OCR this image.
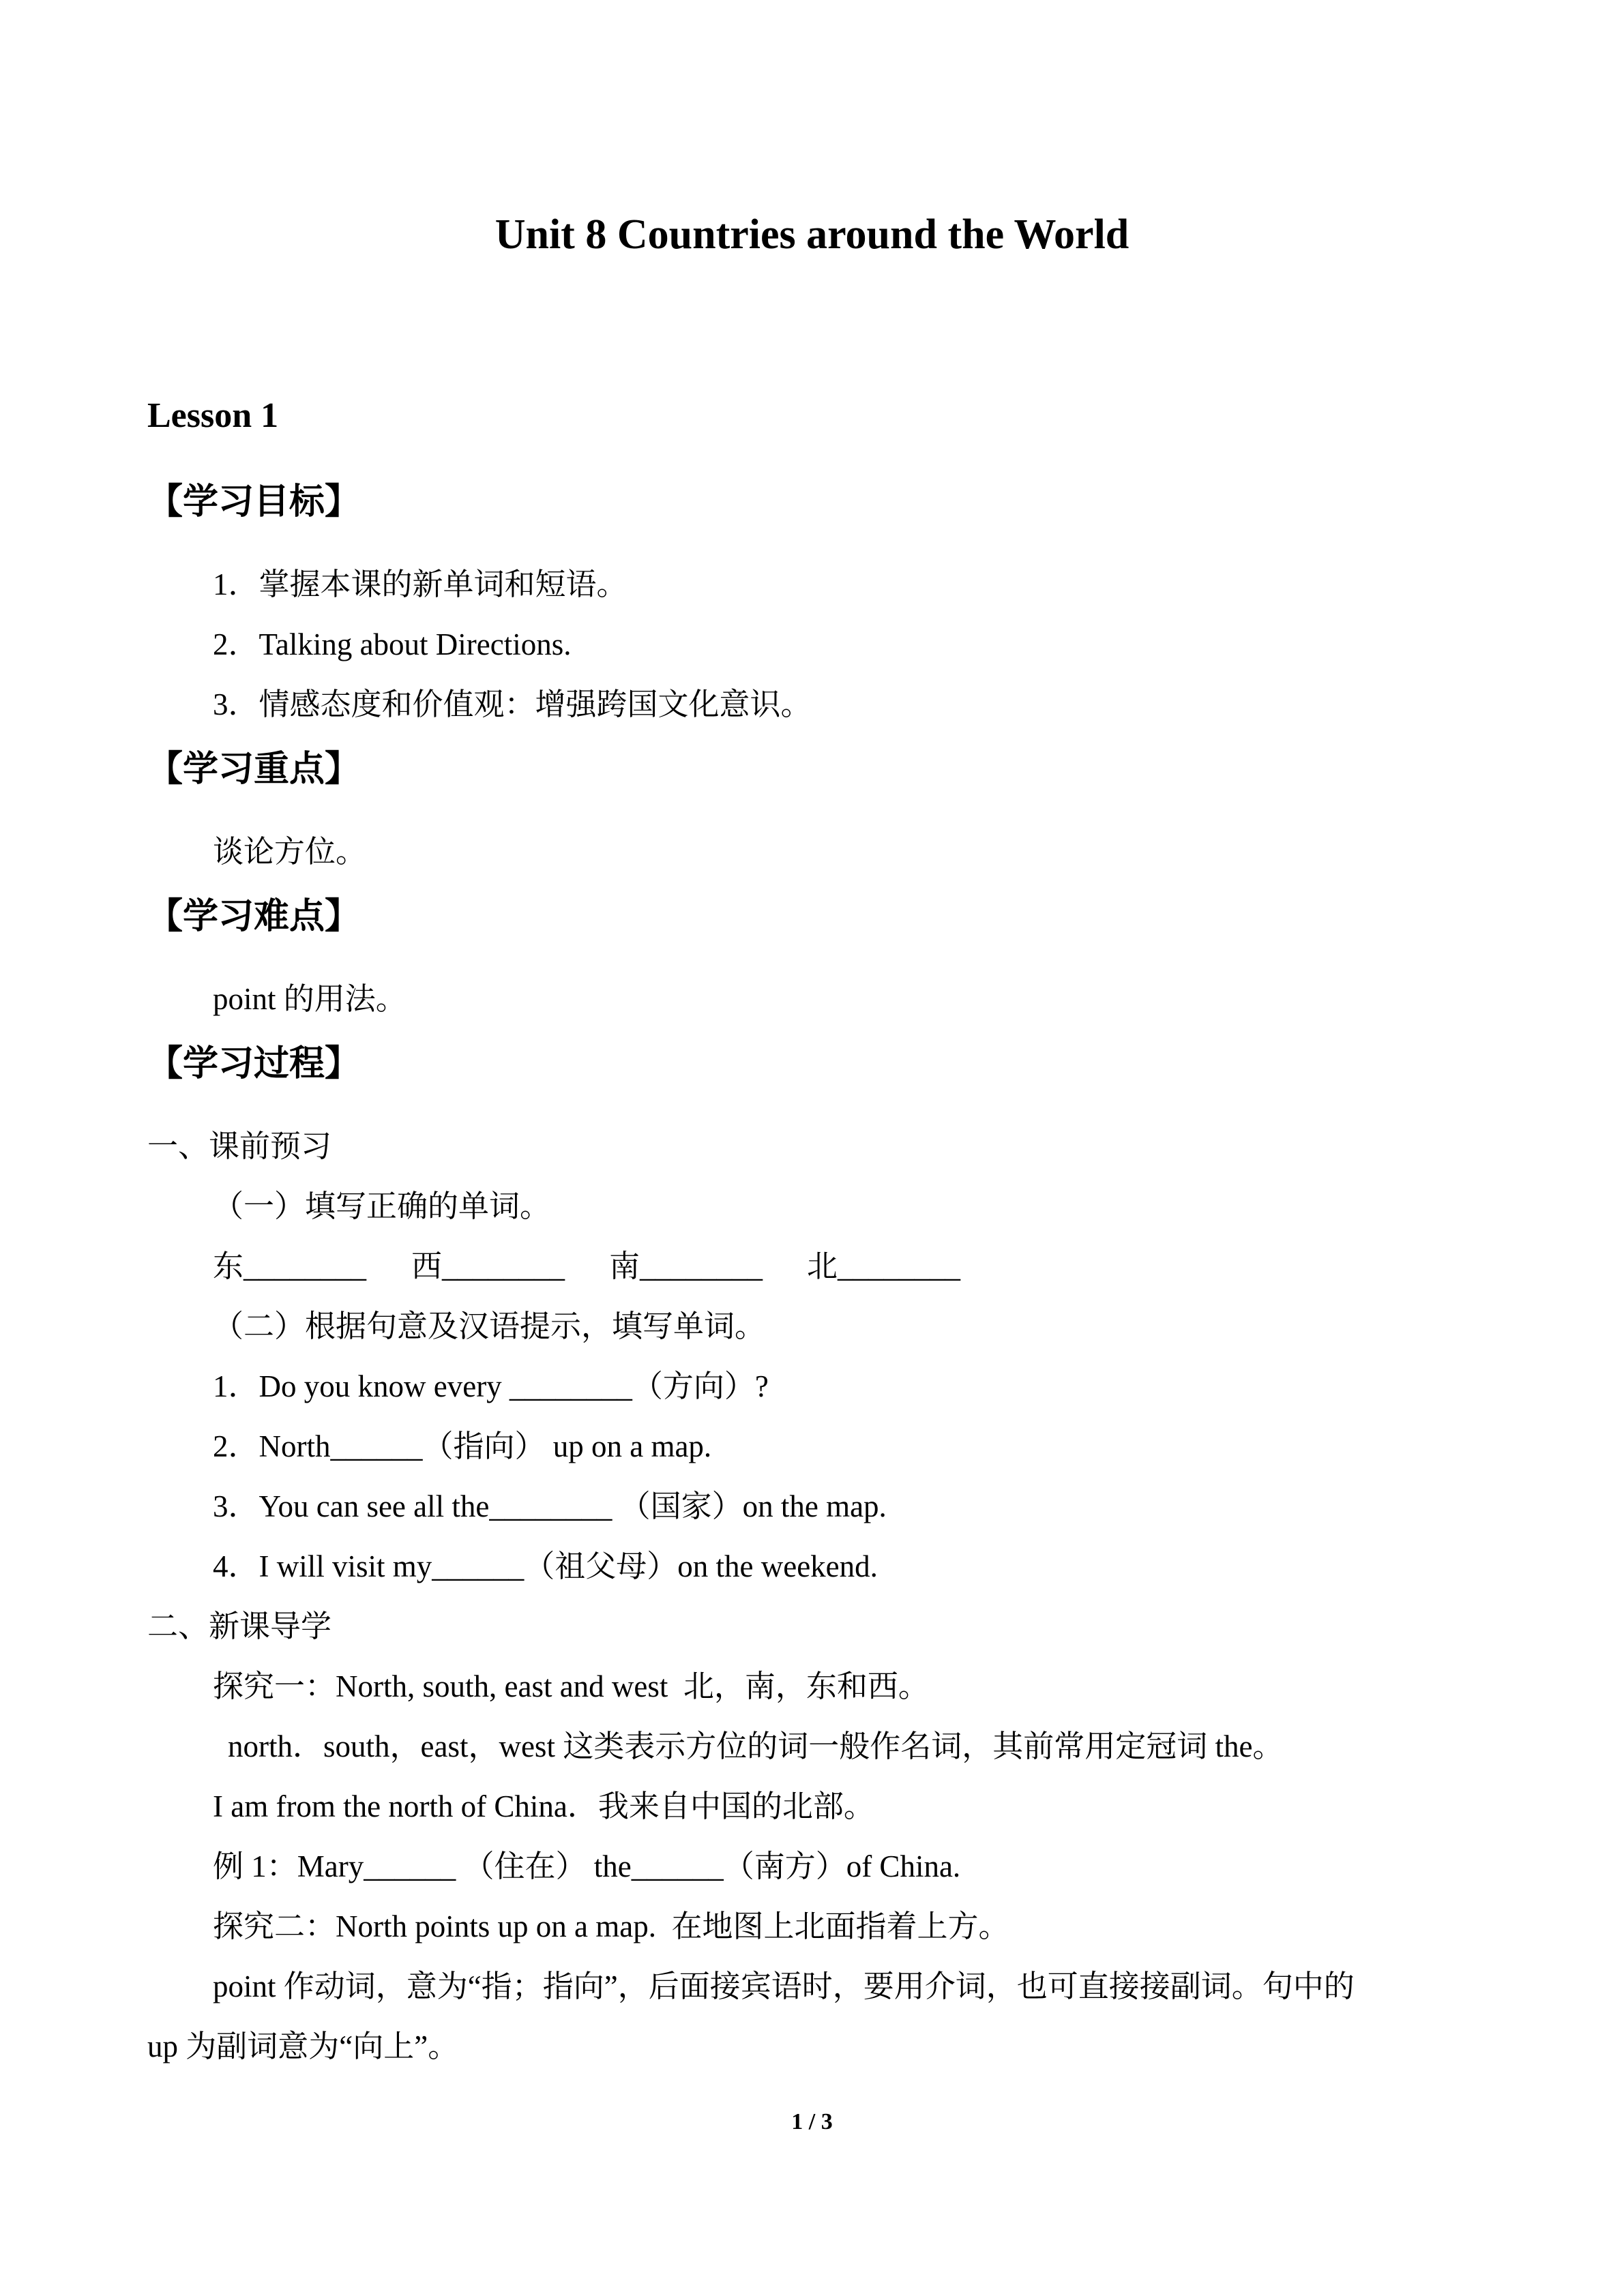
Unit 8 Countries around the World
Lesson 1
【学习目标】
1．掌握本课的新单词和短语。
2．Talking about Directions.
3．情感态度和价值观：增强跨国文化意识。
【学习重点】
谈论方位。
【学习难点】
point 的用法。
【学习过程】
一、课前预习
（一）填写正确的单词。
东________ 西________ 南________ 北________
（二）根据句意及汉语提示，填写单词。
1．Do you know every ________（方向）?
2．North______（指向） up on a map.
3．You can see all the________ （国家）on the map.
4．I will visit my______（祖父母）on the weekend.
二、新课导学
探究一：North, south, east and west  北，南，东和西。
north．south，east，west 这类表示方位的词一般作名词，其前常用定冠词 the。
I am from the north of China．我来自中国的北部。
例 1：Mary______ （住在） the______（南方）of China.
探究二：North points up on a map.  在地图上北面指着上方。
point 作动词，意为“指；指向”，后面接宾语时，要用介词，也可直接接副词。句中的
up 为副词意为“向上”。
1 / 3
